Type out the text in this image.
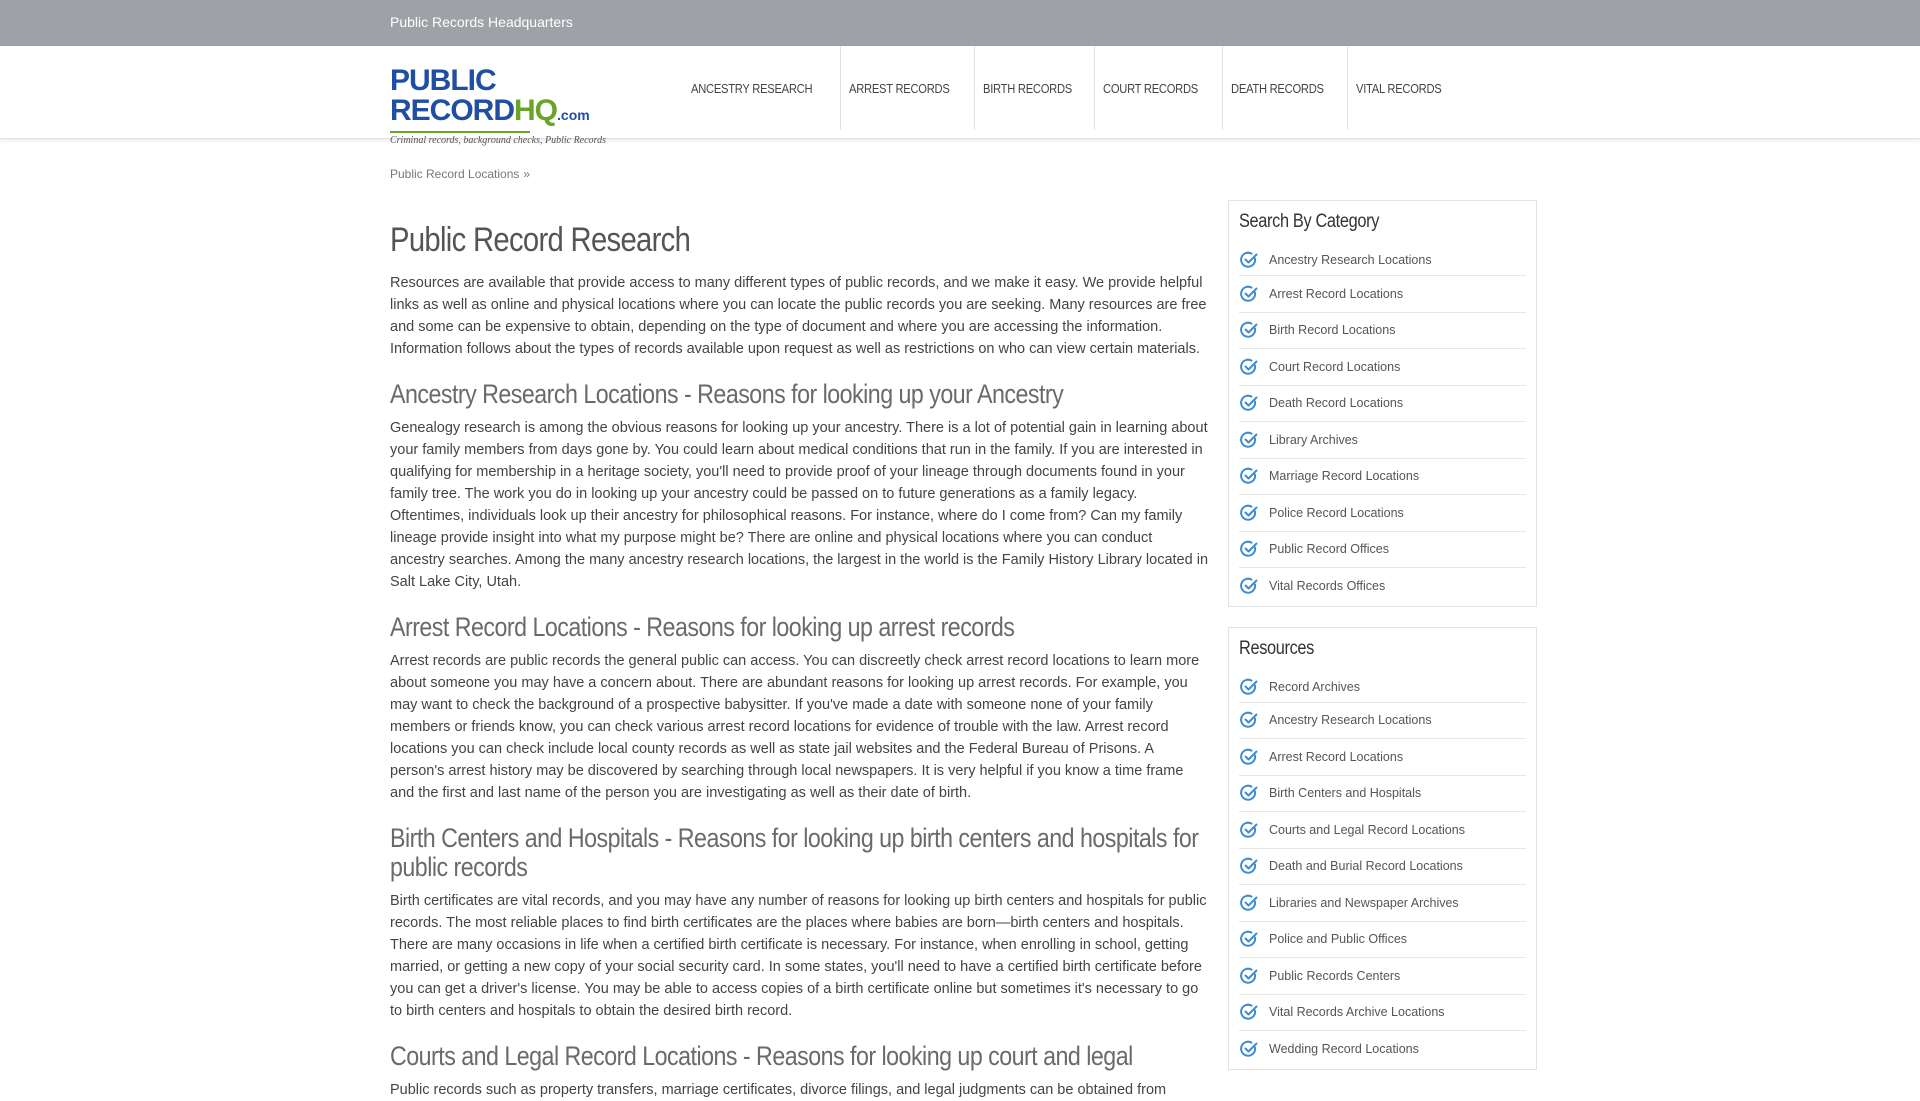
Public Records Headquarters
PUBLIC RECORDHQ.com
Criminal records, background checks, Public Records
ANCESTRY RESEARCH	ARREST RECORDS	BIRTH RECORDS COURT RECORDS DEATH RECORDS VITAL RECORDS
Public Record Locations »
Public Record Research

Resources are available that provide access to many different types of public records, and we make it easy. We provide helpful links as well as online and physical locations where you can locate the public records you are seeking. Many resources are free and some can be expensive to obtain, depending on the type of document and where you are accessing the information. Information follows about the types of records available upon request as well as restrictions on who can view certain materials.

Ancestry Research Locations - Reasons for looking up your Ancestry

Genealogy research is among the obvious reasons for looking up your ancestry. There is a lot of potential gain in learning about your family members from days gone by. You could learn about medical conditions that run in the family. If you are interested in qualifying for membership in a heritage society, you'll need to provide proof of your lineage through documents found in your family tree. The work you do in looking up your ancestry could be passed on to future generations as a family legacy. Oftentimes, individuals look up their ancestry for philosophical reasons. For instance, where do I come from? Can my family lineage provide insight into what my purpose might be? There are online and physical locations where you can conduct ancestry searches. Among the many ancestry research locations, the largest in the world is the Family History Library located in Salt Lake City, Utah.

Arrest Record Locations - Reasons for looking up arrest records

Arrest records are public records the general public can access. You can discreetly check arrest record locations to learn more about someone you may have a concern about. There are abundant reasons for looking up arrest records. For example, you may want to check the background of a prospective babysitter. If you've made a date with someone none of your family members or friends know, you can check various arrest record locations for evidence of trouble with the law. Arrest record locations you can check include local county records as well as state jail websites and the Federal Bureau of Prisons. A person's arrest history may be discovered by searching through local newspapers. It is very helpful if you know a time frame and the first and last name of the person you are investigating as well as their date of birth.

Birth Centers and Hospitals - Reasons for looking up birth centers and hospitals for public records

Birth certificates are vital records, and you may have any number of reasons for looking up birth centers and hospitals for public records. The most reliable places to find birth certificates are the places where babies are born—birth centers and hospitals. There are many occasions in life when a certified birth certificate is necessary. For instance, when enrolling in school, getting married, or getting a new copy of your social security card. In some states, you'll need to have a certified birth certificate before you can get a driver's license. You may be able to access copies of a birth certificate online but sometimes it's necessary to go to birth centers and hospitals to obtain the desired birth record.

Courts and Legal Record Locations - Reasons for looking up court and legal

Public records such as property transfers, marriage certificates, divorce filings, and legal judgments can be obtained from

Search By Category
Ancestry Research Locations
Arrest Record Locations
Birth Record Locations
Court Record Locations
Death Record Locations
Library Archives
Marriage Record Locations
Police Record Locations
Public Record Offices
Vital Records Offices
Resources
Record Archives
Ancestry Research Locations
Arrest Record Locations
Birth Centers and Hospitals
Courts and Legal Record Locations
Death and Burial Record Locations
Libraries and Newspaper Archives
Police and Public Offices
Public Records Centers
Vital Records Archive Locations
Wedding Record Locations
